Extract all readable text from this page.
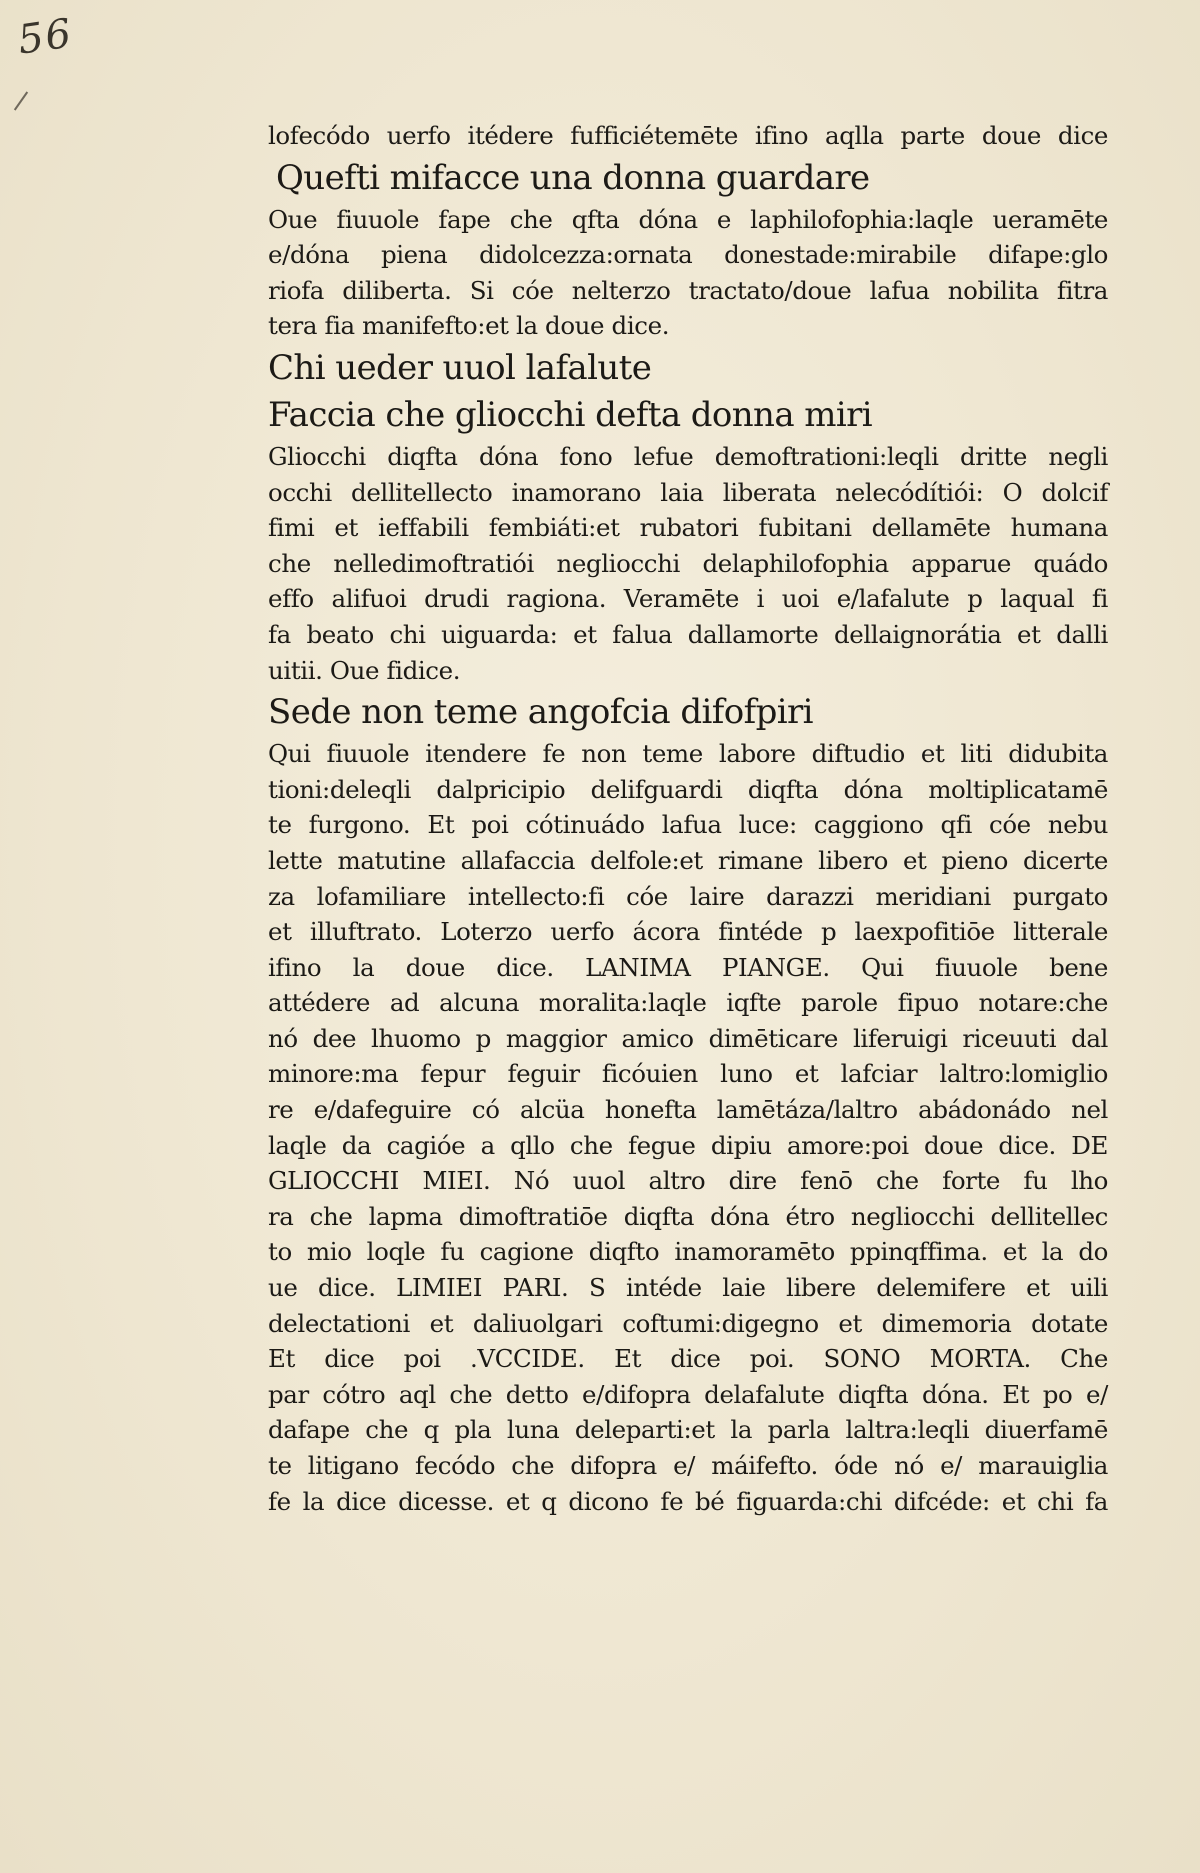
56
lofecódo uerfo itédere fufficiétemēte ifino aqlla parte doue dice
Quefti mifacce una donna guardare
Oue fiuuole fape che qfta dóna e laphilofophia:laqle ueramēte
e/dóna piena didolcezza:ornata donestade:mirabile difape:glo
riofa diliberta. Si cóe nelterzo tractato/doue lafua nobilita fitra
tera fia manifefto:et la doue dice.
Chi ueder uuol lafalute
Faccia che gliocchi defta donna miri
Gliocchi diqfta dóna fono lefue demoftrationi:leqli dritte negli
occhi dellitellecto inamorano laia liberata nelecódítiói: O dolcif
fimi et ieffabili fembiáti:et rubatori fubitani dellamēte humana
che nelledimoftratiói negliocchi delaphilofophia apparue quádo
effo alifuoi drudi ragiona. Veramēte i uoi e/lafalute p laqual fi
fa beato chi uiguarda: et falua dallamorte dellaignorátia et dalli
uitii. Oue fidice.
Sede non teme angofcia difofpiri
Qui fiuuole itendere fe non teme labore diftudio et liti didubita
tioni:deleqli dalpricipio delifguardi diqfta dóna moltiplicatamē
te furgono. Et poi cótinuádo lafua luce: caggiono qfi cóe nebu
lette matutine allafaccia delfole:et rimane libero et pieno dicerte
za lofamiliare intellecto:fi cóe laire darazzi meridiani purgato
et illuftrato. Loterzo uerfo ácora fintéde p laexpofitiōe litterale
ifino la doue dice. LANIMA PIANGE. Qui fiuuole bene
attédere ad alcuna moralita:laqle iqfte parole fipuo notare:che
nó dee lhuomo p maggior amico dimēticare liferuigi riceuuti dal
minore:ma fepur feguir ficóuien luno et lafciar laltro:lomiglio
re e/dafeguire có alcüa honefta lamētáza/laltro abádonádo nel
laqle da cagióe a qllo che fegue dipiu amore:poi doue dice. DE
GLIOCCHI MIEI. Nó uuol altro dire fenō che forte fu lho
ra che lapma dimoftratiōe diqfta dóna étro negliocchi dellitellec
to mio loqle fu cagione diqfto inamoramēto ppinqffima. et la do
ue dice. LIMIEI PARI. S intéde laie libere delemifere et uili
delectationi et daliuolgari coftumi:digegno et dimemoria dotate
Et dice poi .VCCIDE. Et dice poi. SONO MORTA. Che
par cótro aql che detto e/difopra delafalute diqfta dóna. Et po e/
dafape che q pla luna deleparti:et la parla laltra:leqli diuerfamē
te litigano fecódo che difopra e/ máifefto. óde nó e/ marauiglia
fe la dice dicesse. et q dicono fe bé figuarda:chi difcéde: et chi fa
